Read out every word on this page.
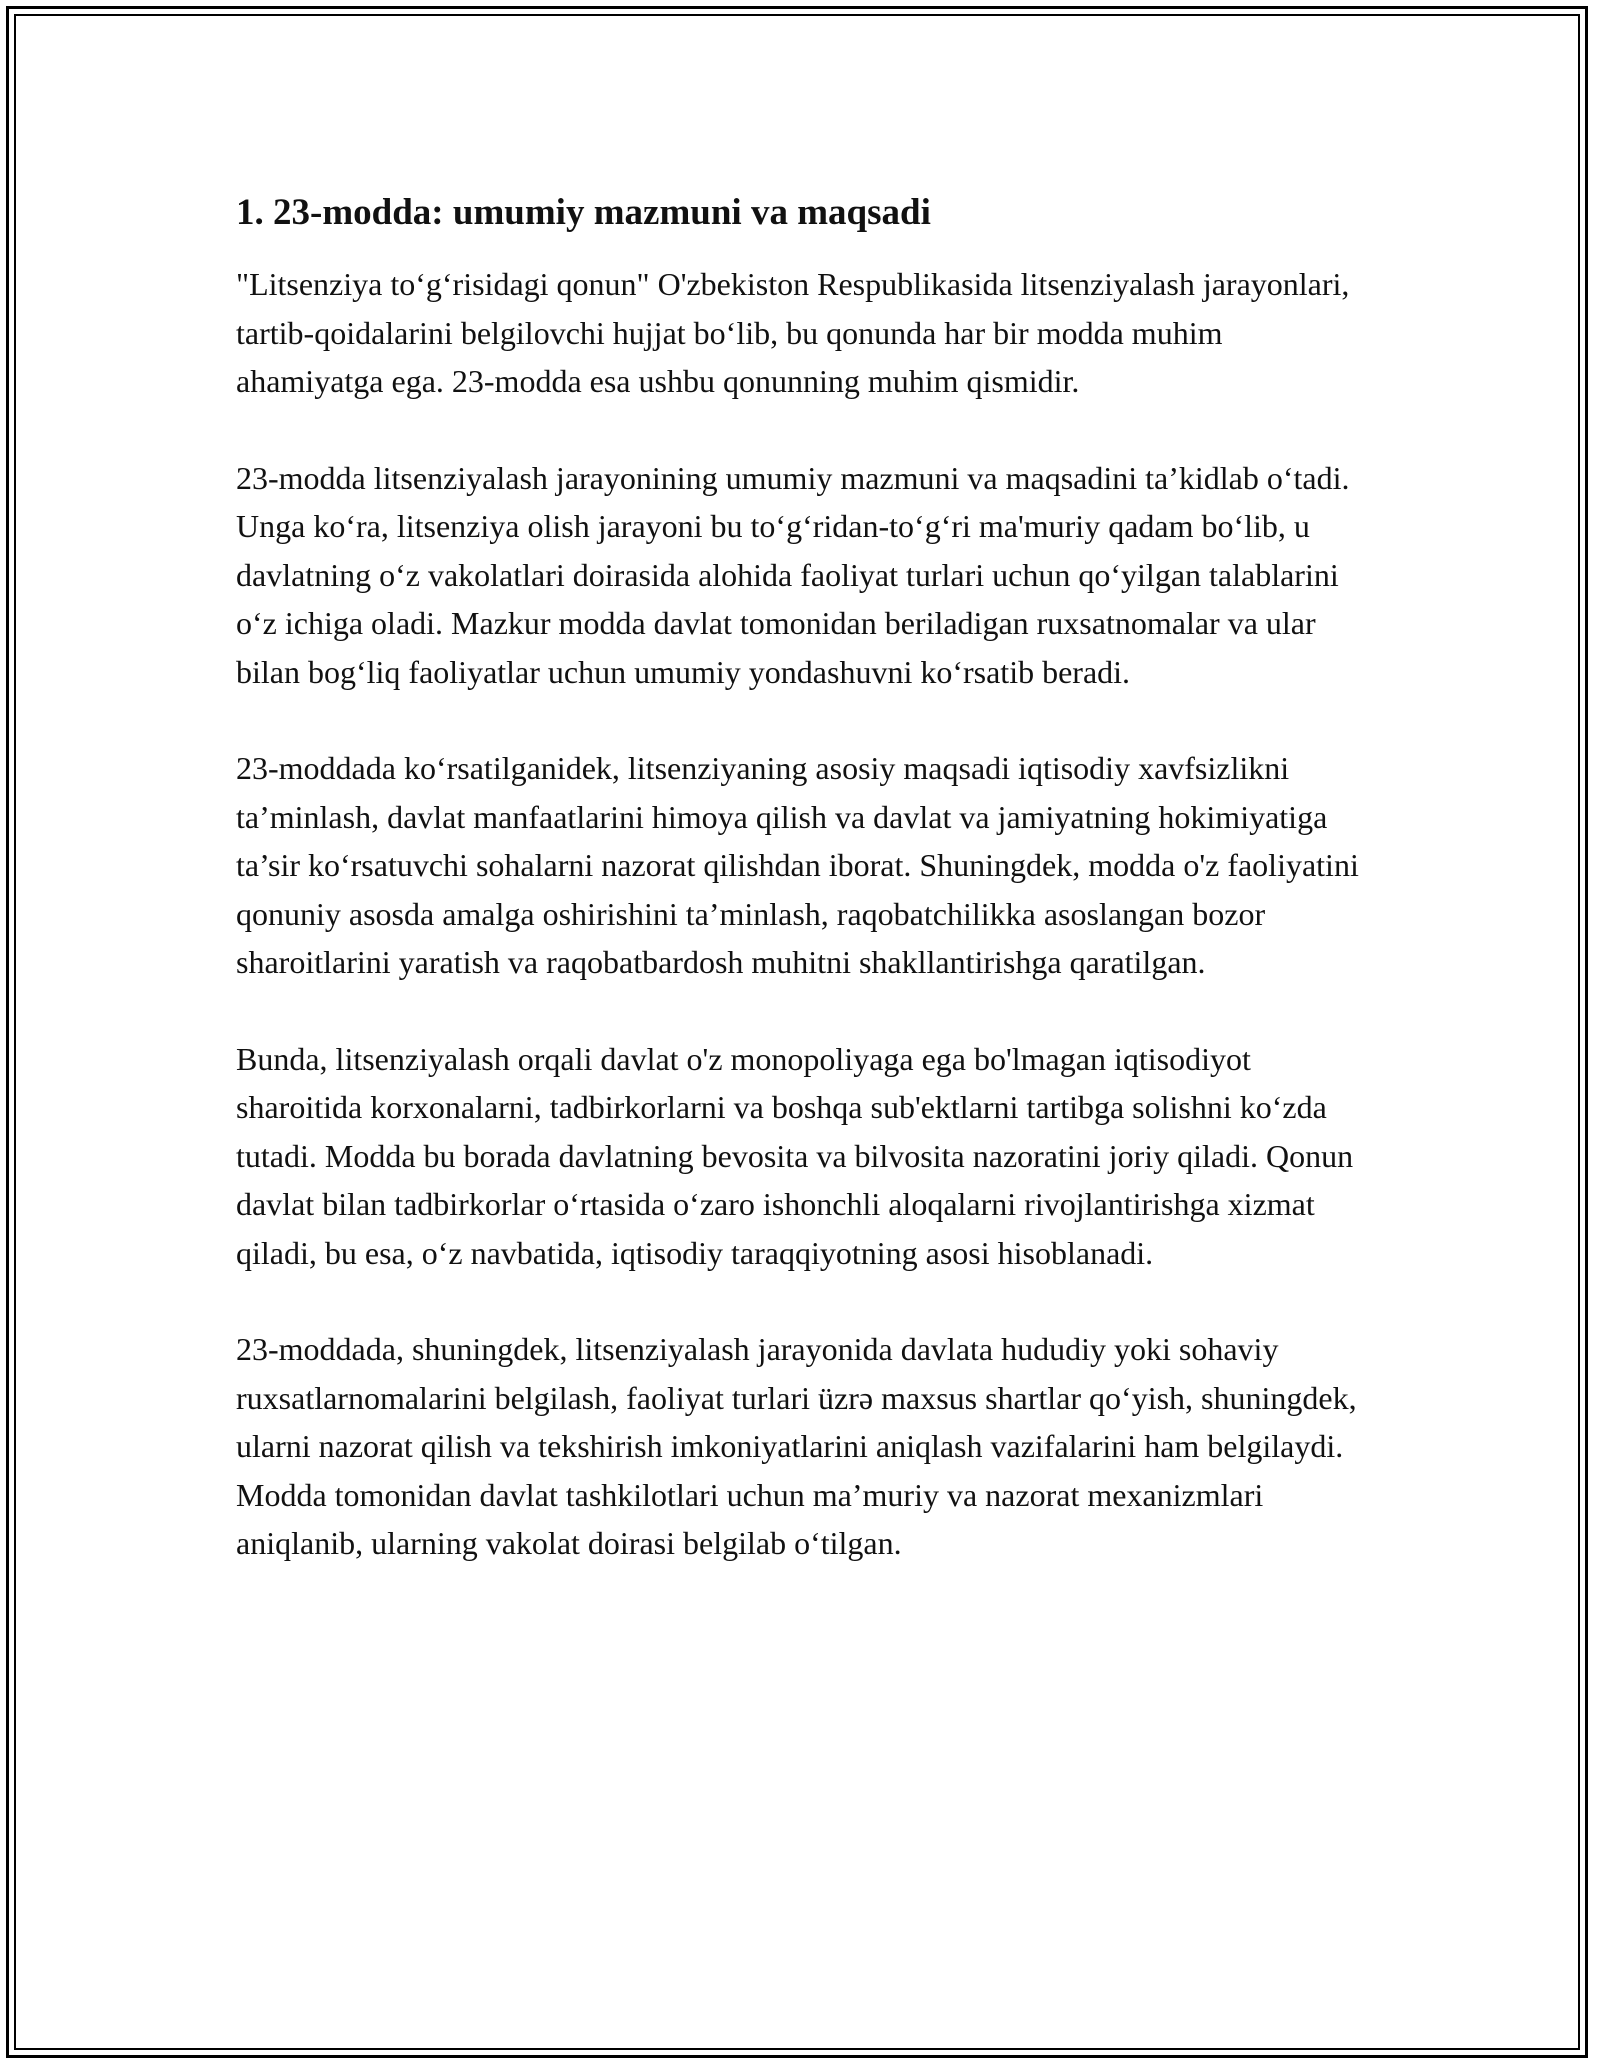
1. 23-modda: umumiy mazmuni va maqsadi

"Litsenziya to‘g‘risidagi qonun" O'zbekiston Respublikasida litsenziyalash jarayonlari, tartib-qoidalarini belgilovchi hujjat bo‘lib, bu qonunda har bir modda muhim ahamiyatga ega. 23-modda esa ushbu qonunning muhim qismidir.

23-modda litsenziyalash jarayonining umumiy mazmuni va maqsadini ta’kidlab o‘tadi. Unga ko‘ra, litsenziya olish jarayoni bu to‘g‘ridan-to‘g‘ri ma'muriy qadam bo‘lib, u davlatning o‘z vakolatlari doirasida alohida faoliyat turlari uchun qo‘yilgan talablarini o‘z ichiga oladi. Mazkur modda davlat tomonidan beriladigan ruxsatnomalar va ular bilan bog‘liq faoliyatlar uchun umumiy yondashuvni ko‘rsatib beradi.

23-moddada ko‘rsatilganidek, litsenziyaning asosiy maqsadi iqtisodiy xavfsizlikni ta’minlash, davlat manfaatlarini himoya qilish va davlat va jamiyatning hokimiyatiga ta’sir ko‘rsatuvchi sohalarni nazorat qilishdan iborat. Shuningdek, modda o'z faoliyatini qonuniy asosda amalga oshirishini ta’minlash, raqobatchilikka asoslangan bozor sharoitlarini yaratish va raqobatbardosh muhitni shakllantirishga qaratilgan.

Bunda, litsenziyalash orqali davlat o'z monopoliyaga ega bo'lmagan iqtisodiyot sharoitida korxonalarni, tadbirkorlarni va boshqa sub'ektlarni tartibga solishni ko‘zda tutadi. Modda bu borada davlatning bevosita va bilvosita nazoratini joriy qiladi. Qonun davlat bilan tadbirkorlar o‘rtasida o‘zaro ishonchli aloqalarni rivojlantirishga xizmat qiladi, bu esa, o‘z navbatida, iqtisodiy taraqqiyotning asosi hisoblanadi.

23-moddada, shuningdek, litsenziyalash jarayonida davlata hududiy yoki sohaviy ruxsatlarnomalarini belgilash, faoliyat turlari üzrə maxsus shartlar qo‘yish, shuningdek, ularni nazorat qilish va tekshirish imkoniyatlarini aniqlash vazifalarini ham belgilaydi. Modda tomonidan davlat tashkilotlari uchun ma’muriy va nazorat mexanizmlari aniqlanib, ularning vakolat doirasi belgilab o‘tilgan.
